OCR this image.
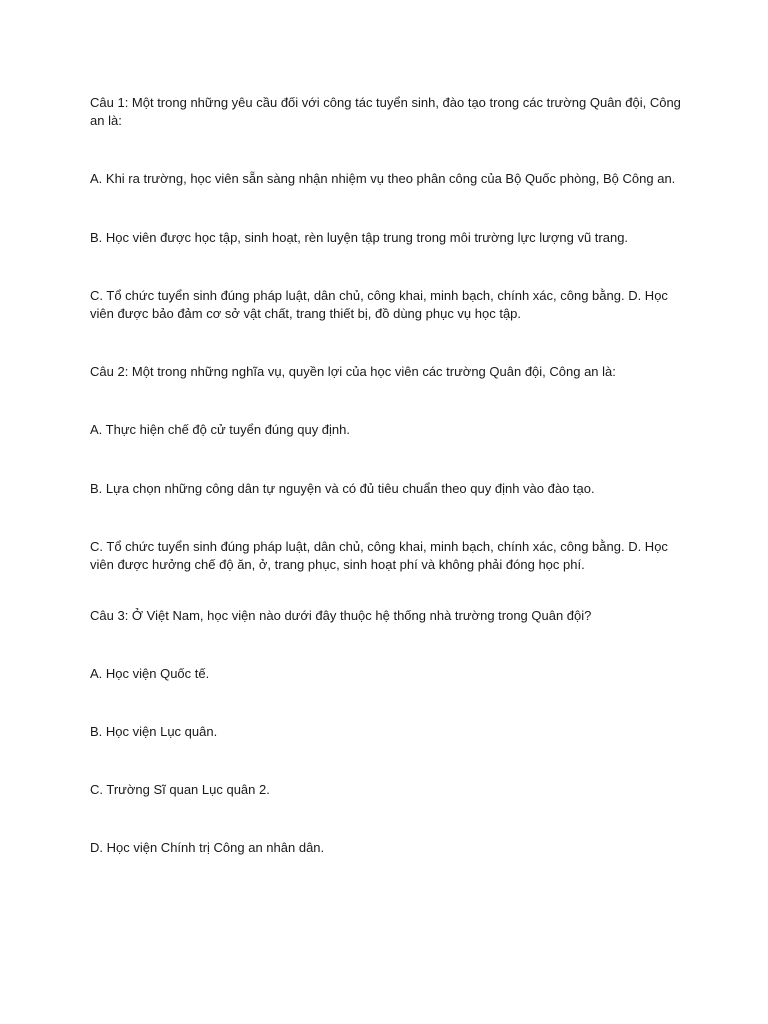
Câu 1: Một trong những yêu cầu đối với công tác tuyển sinh, đào tạo trong các trường Quân đội, Công an là:

A. Khi ra trường, học viên sẵn sàng nhận nhiệm vụ theo phân công của Bộ Quốc phòng, Bộ Công an.

B. Học viên được học tập, sinh hoạt, rèn luyện tập trung trong môi trường lực lượng vũ trang.

C. Tổ chức tuyển sinh đúng pháp luật, dân chủ, công khai, minh bạch, chính xác, công bằng. D. Học viên được bảo đảm cơ sở vật chất, trang thiết bị, đồ dùng phục vụ học tập.

Câu 2: Một trong những nghĩa vụ, quyền lợi của học viên các trường Quân đội, Công an là:

A. Thực hiện chế độ cử tuyển đúng quy định.

B. Lựa chọn những công dân tự nguyện và có đủ tiêu chuẩn theo quy định vào đào tạo.

C. Tổ chức tuyển sinh đúng pháp luật, dân chủ, công khai, minh bạch, chính xác, công bằng. D. Học viên được hưởng chế độ ăn, ở, trang phục, sinh hoạt phí và không phải đóng học phí.

Câu 3: Ở Việt Nam, học viện nào dưới đây thuộc hệ thống nhà trường trong Quân đội?

A. Học viện Quốc tế.

B. Học viện Lục quân.

C. Trường Sĩ quan Lục quân 2.

D. Học viện Chính trị Công an nhân dân.
